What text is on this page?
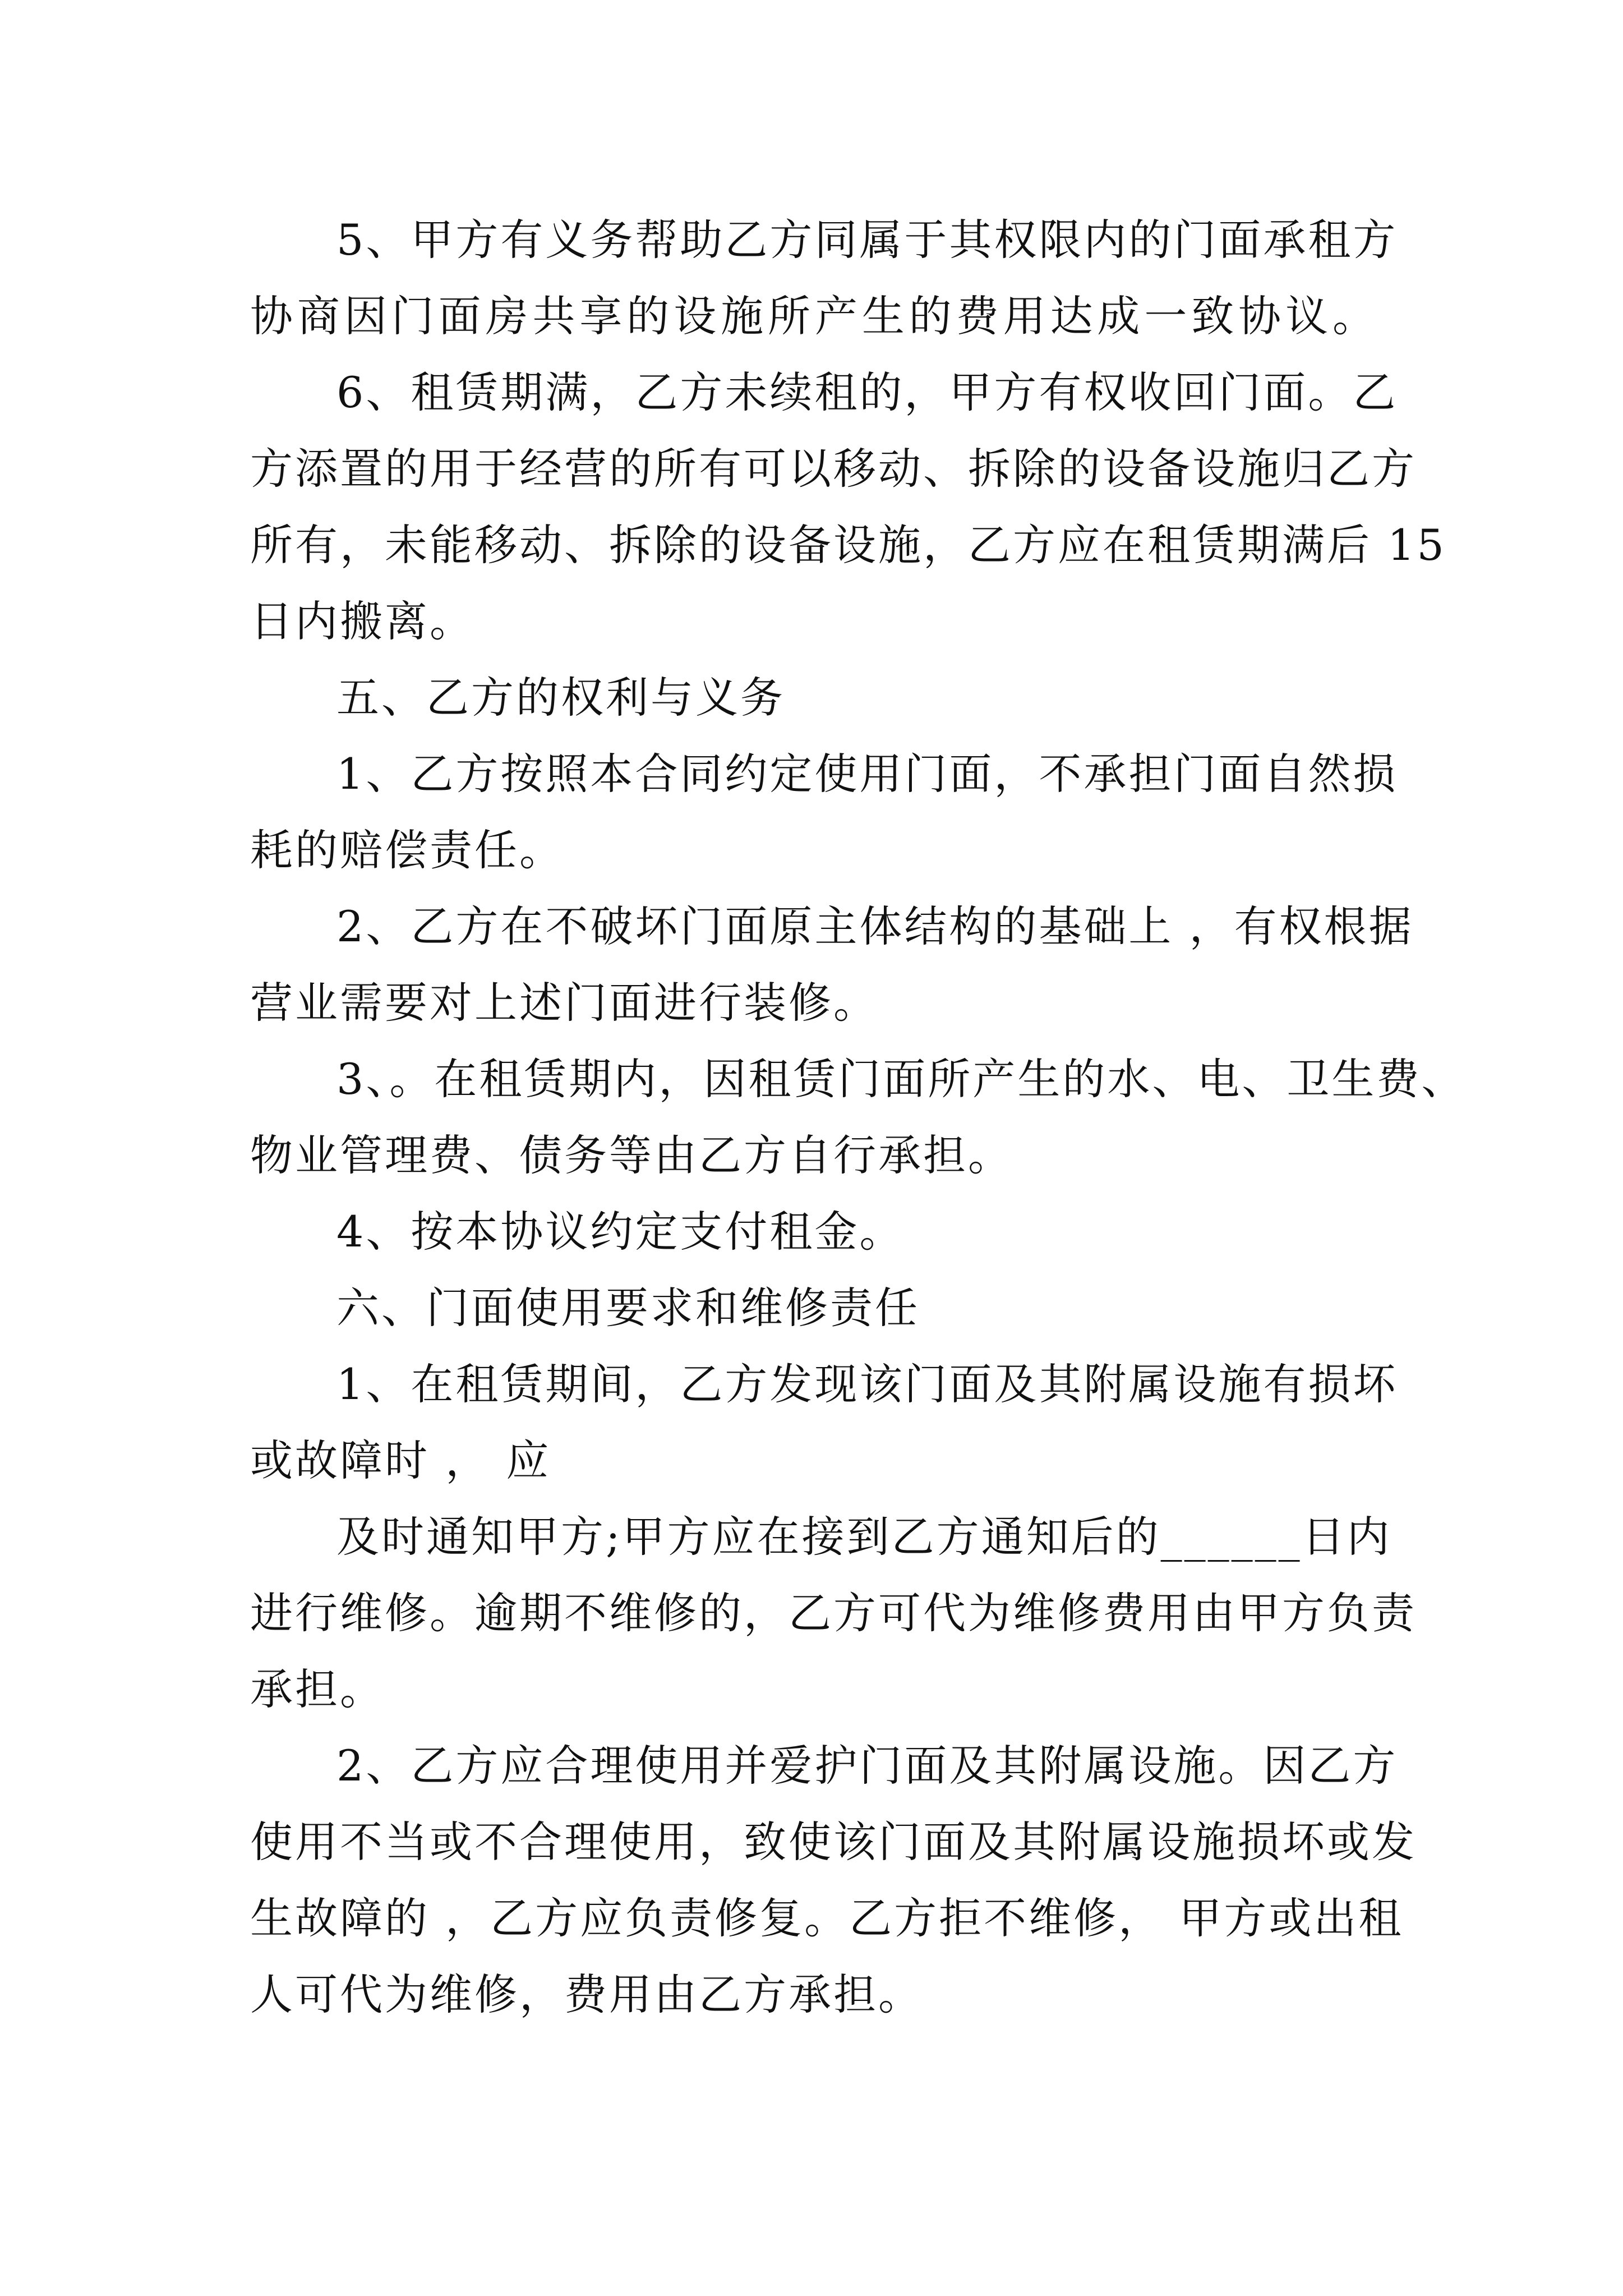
5、甲方有义务帮助乙方同属于其权限内的门面承租方
协商因门面房共享的设施所产生的费用达成一致协议。
6、租赁期满，乙方未续租的，甲方有权收回门面。乙
方添置的用于经营的所有可以移动、拆除的设备设施归乙方
所有，未能移动、拆除的设备设施，乙方应在租赁期满后 15
日内搬离。
五、乙方的权利与义务
1、乙方按照本合同约定使用门面，不承担门面自然损
耗的赔偿责任。
2、乙方在不破坏门面原主体结构的基础上 ，有权根据
营业需要对上述门面进行装修。
3、。在租赁期内，因租赁门面所产生的水、电、卫生费、
物业管理费、债务等由乙方自行承担。
4、按本协议约定支付租金。
六、门面使用要求和维修责任
1、在租赁期间，乙方发现该门面及其附属设施有损坏
或故障时 ， 应
及时通知甲方;甲方应在接到乙方通知后的______日内
进行维修。逾期不维修的，乙方可代为维修费用由甲方负责
承担。
2、乙方应合理使用并爱护门面及其附属设施。因乙方
使用不当或不合理使用，致使该门面及其附属设施损坏或发
生故障的 ，乙方应负责修复。乙方拒不维修， 甲方或出租
人可代为维修，费用由乙方承担。
